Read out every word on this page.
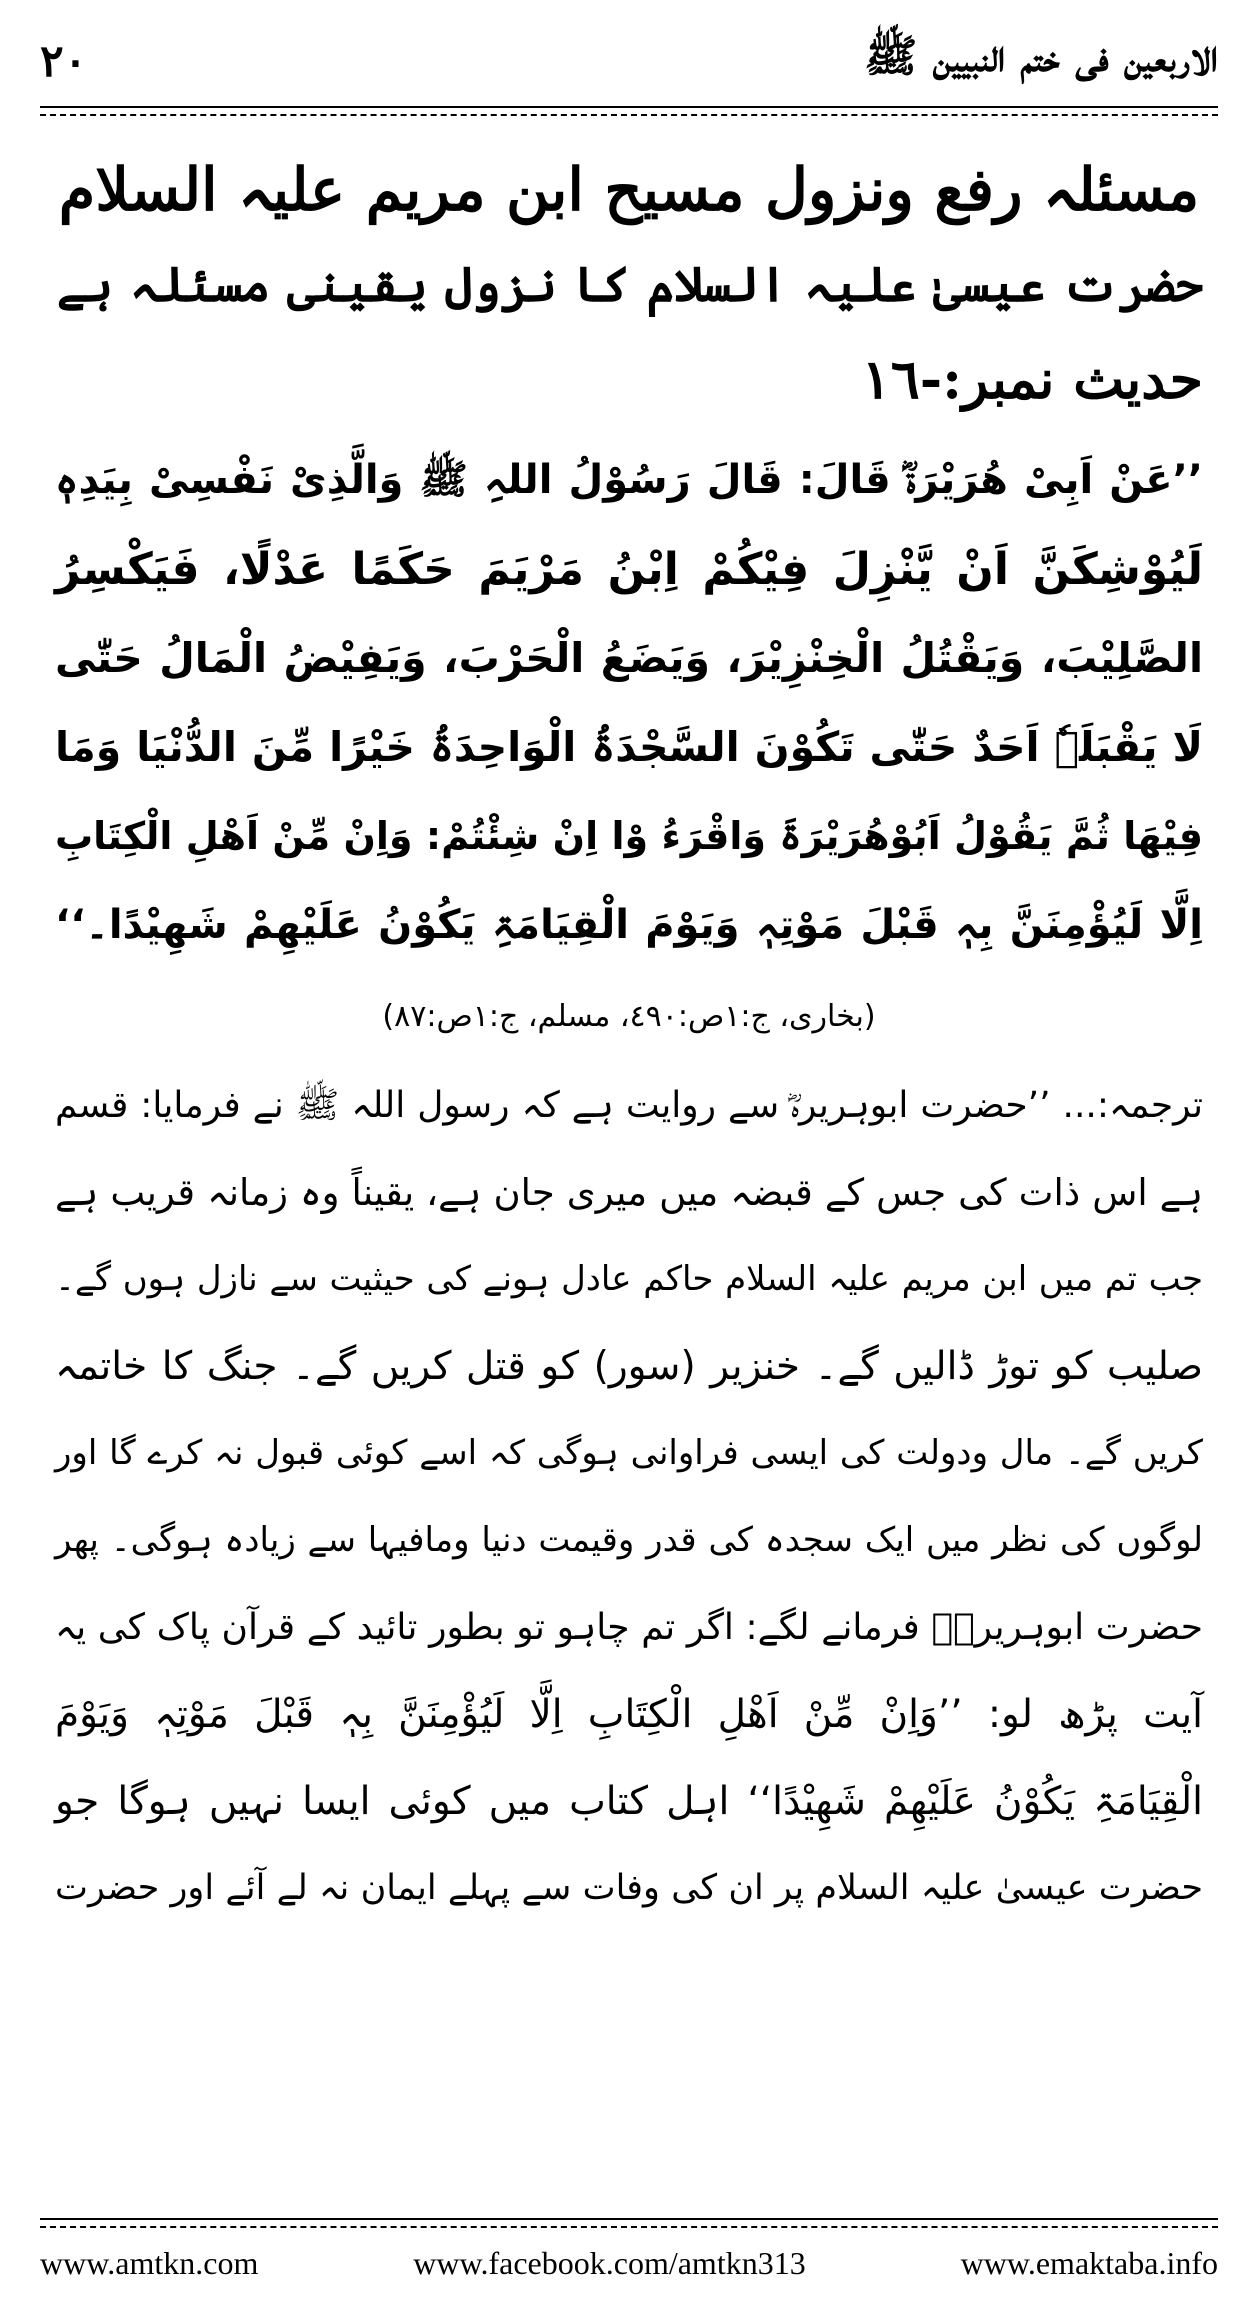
الاربعین فی ختم النبیین ﷺ
٢٠
مسئلہ رفع ونزول مسیح ابن مریم علیہ السلام
حضرت عیسیٰ علیہ السلام کا نزول یقینی مسئلہ ہے
حدیث نمبر:-١٦
’’عَنْ اَبِیْ ھُرَیْرَۃؓ قَالَ: قَالَ رَسُوْلُ اللہِ ﷺ وَالَّذِیْ نَفْسِیْ بِیَدِہٖ
لَیُوْشِکَنَّ اَنْ یَّنْزِلَ فِیْکُمْ اِبْنُ مَرْیَمَ حَکَمًا عَدْلًا، فَیَکْسِرُ
الصَّلِیْبَ، وَیَقْتُلُ الْخِنْزِیْرَ، وَیَضَعُ الْحَرْبَ، وَیَفِیْضُ الْمَالُ حَتّٰی
لَا یَقْبَلَہٗ اَحَدٌ حَتّٰی تَکُوْنَ السَّجْدَۃُ الْوَاحِدَۃُ خَیْرًا مِّنَ الدُّنْیَا وَمَا
فِیْھَا ثُمَّ یَقُوْلُ اَبُوْھُرَیْرَۃَ وَاقْرَءُ وْا اِنْ شِئْتُمْ: وَاِنْ مِّنْ اَھْلِ الْکِتَابِ
اِلَّا لَیُؤْمِنَنَّ بِہٖ قَبْلَ مَوْتِہٖ وَیَوْمَ الْقِیَامَۃِ یَکُوْنُ عَلَیْھِمْ شَھِیْدًا۔‘‘
(بخاری، ج:١ص:٤٩٠، مسلم، ج:١ص:٨٧)
ترجمہ:... ’’حضرت ابوہریرہؓ سے روایت ہے کہ رسول اللہ ﷺ نے فرمایا: قسم
ہے اس ذات کی جس کے قبضہ میں میری جان ہے، یقیناً وہ زمانہ قریب ہے
جب تم میں ابن مریم علیہ السلام حاکم عادل ہونے کی حیثیت سے نازل ہوں گے۔
صلیب کو توڑ ڈالیں گے۔ خنزیر (سور) کو قتل کریں گے۔ جنگ کا خاتمہ
کریں گے۔ مال ودولت کی ایسی فراوانی ہوگی کہ اسے کوئی قبول نہ کرے گا اور
لوگوں کی نظر میں ایک سجدہ کی قدر وقیمت دنیا ومافیہا سے زیادہ ہوگی۔ پھر
حضرت ابوہریرہؓ فرمانے لگے: اگر تم چاہو تو بطور تائید کے قرآن پاک کی یہ
آیت پڑھ لو: ’’وَاِنْ مِّنْ اَھْلِ الْکِتَابِ اِلَّا لَیُؤْمِنَنَّ بِہٖ قَبْلَ مَوْتِہٖ وَیَوْمَ
الْقِیَامَۃِ یَکُوْنُ عَلَیْھِمْ شَھِیْدًا‘‘ اہل کتاب میں کوئی ایسا نہیں ہوگا جو
حضرت عیسیٰ علیہ السلام پر ان کی وفات سے پہلے ایمان نہ لے آئے اور حضرت
www.amtkn.com	www.facebook.com/amtkn313	www.emaktaba.info
